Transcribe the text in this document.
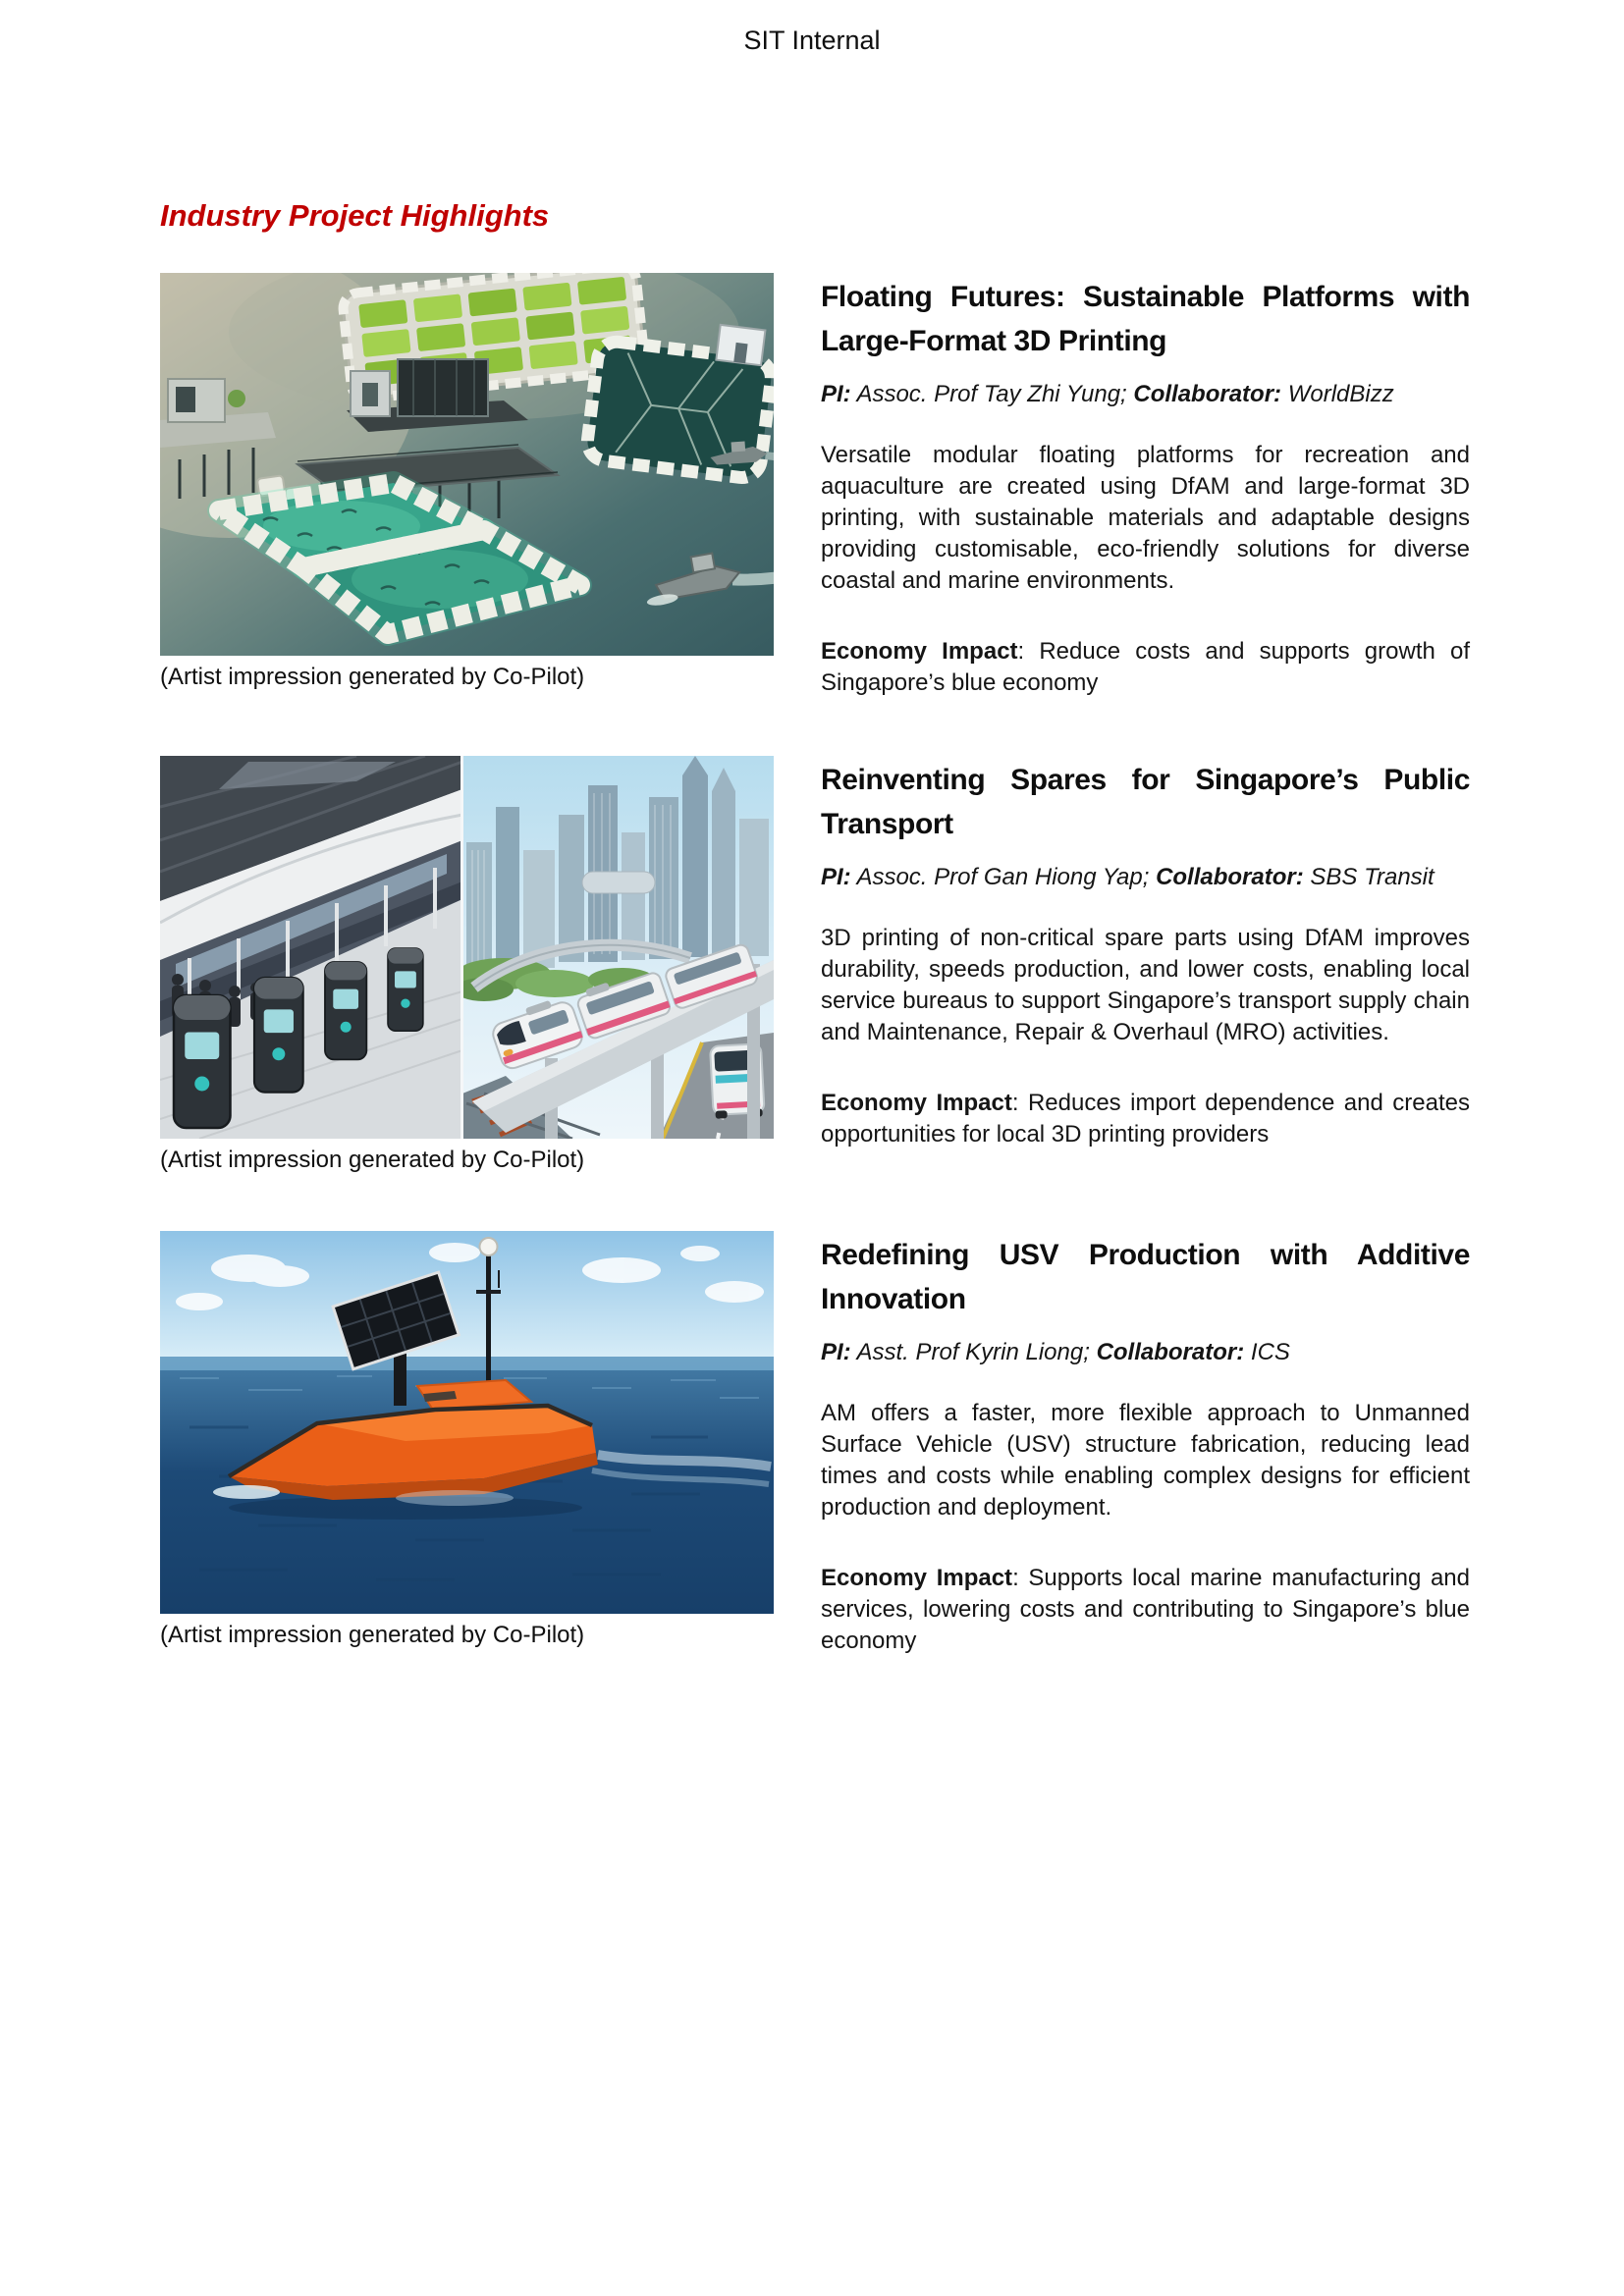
SIT Internal
Industry Project Highlights
(Artist impression generated by Co-Pilot)
Floating Futures: Sustainable Platforms with Large-Format 3D Printing

PI: Assoc. Prof Tay Zhi Yung; Collaborator: WorldBizz

Versatile modular floating platforms for recreation and aquaculture are created using DfAM and large-format 3D printing, with sustainable materials and adaptable designs providing customisable, eco-friendly solutions for diverse coastal and marine environments.

Economy Impact: Reduce costs and supports growth of Singapore’s blue economy

(Artist impression generated by Co-Pilot)
Reinventing Spares for Singapore’s Public Transport

PI: Assoc. Prof Gan Hiong Yap; Collaborator: SBS Transit

3D printing of non-critical spare parts using DfAM improves durability, speeds production, and lower costs, enabling local service bureaus to support Singapore’s transport supply chain and Maintenance, Repair & Overhaul (MRO) activities.

Economy Impact: Reduces import dependence and creates opportunities for local 3D printing providers

(Artist impression generated by Co-Pilot)
Redefining USV Production with Additive Innovation

PI: Asst. Prof Kyrin Liong; Collaborator: ICS

AM offers a faster, more flexible approach to Unmanned Surface Vehicle (USV) structure fabrication, reducing lead times and costs while enabling complex designs for efficient production and deployment.

Economy Impact: Supports local marine manufacturing and services, lowering costs and contributing to Singapore’s blue economy
